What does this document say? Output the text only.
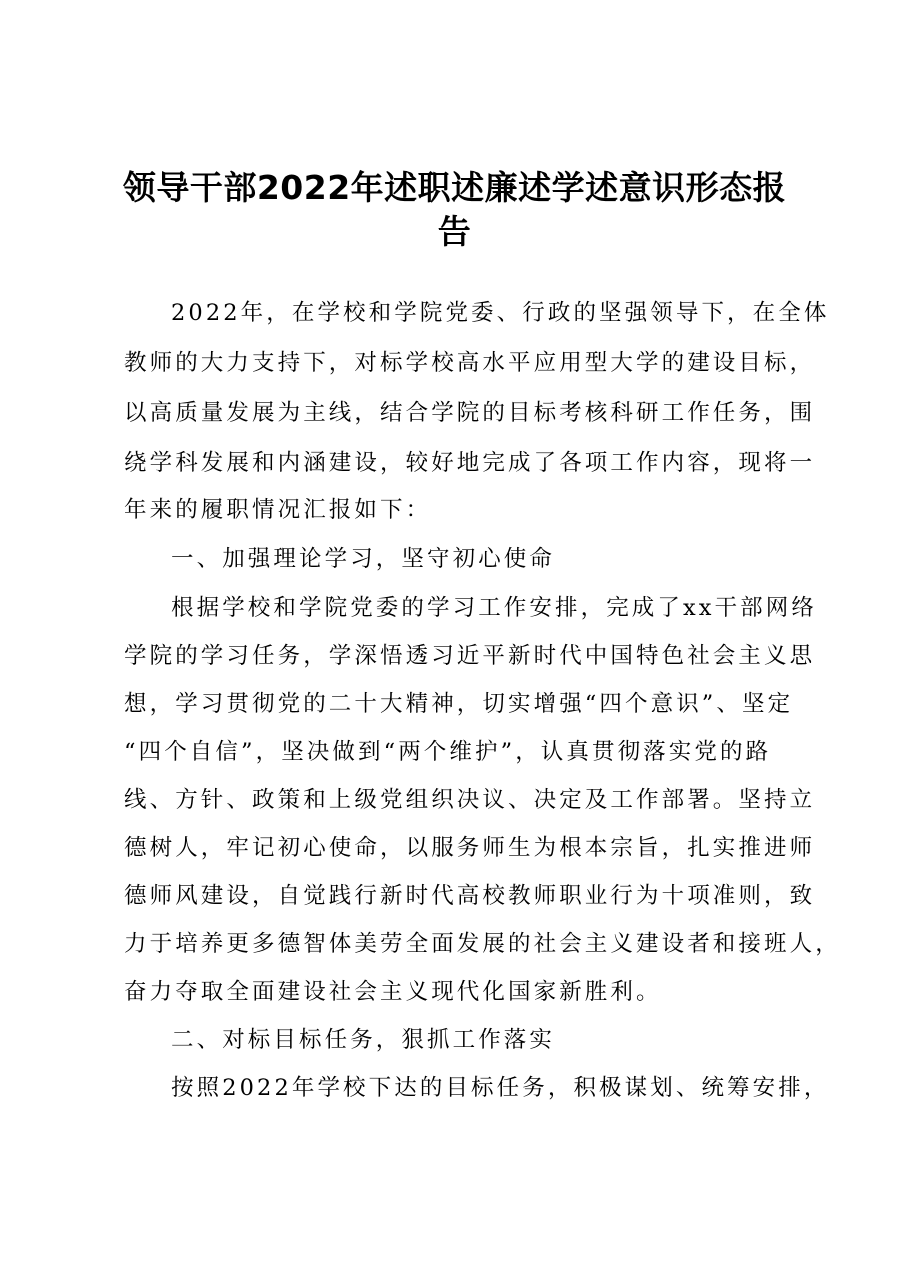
领导干部2022年述职述廉述学述意识形态报
告
2022年，在学校和学院党委、行政的坚强领导下，在全体
教师的大力支持下，对标学校高水平应用型大学的建设目标，
以高质量发展为主线，结合学院的目标考核科研工作任务，围
绕学科发展和内涵建设，较好地完成了各项工作内容，现将一
年来的履职情况汇报如下：
一、加强理论学习，坚守初心使命
根据学校和学院党委的学习工作安排，完成了xx干部网络
学院的学习任务，学深悟透习近平新时代中国特色社会主义思
想，学习贯彻党的二十大精神，切实增强“四个意识”、坚定
“四个自信”，坚决做到“两个维护”，认真贯彻落实党的路
线、方针、政策和上级党组织决议、决定及工作部署。坚持立
德树人，牢记初心使命，以服务师生为根本宗旨，扎实推进师
德师风建设，自觉践行新时代高校教师职业行为十项准则，致
力于培养更多德智体美劳全面发展的社会主义建设者和接班人，
奋力夺取全面建设社会主义现代化国家新胜利。
二、对标目标任务，狠抓工作落实
按照2022年学校下达的目标任务，积极谋划、统筹安排，
